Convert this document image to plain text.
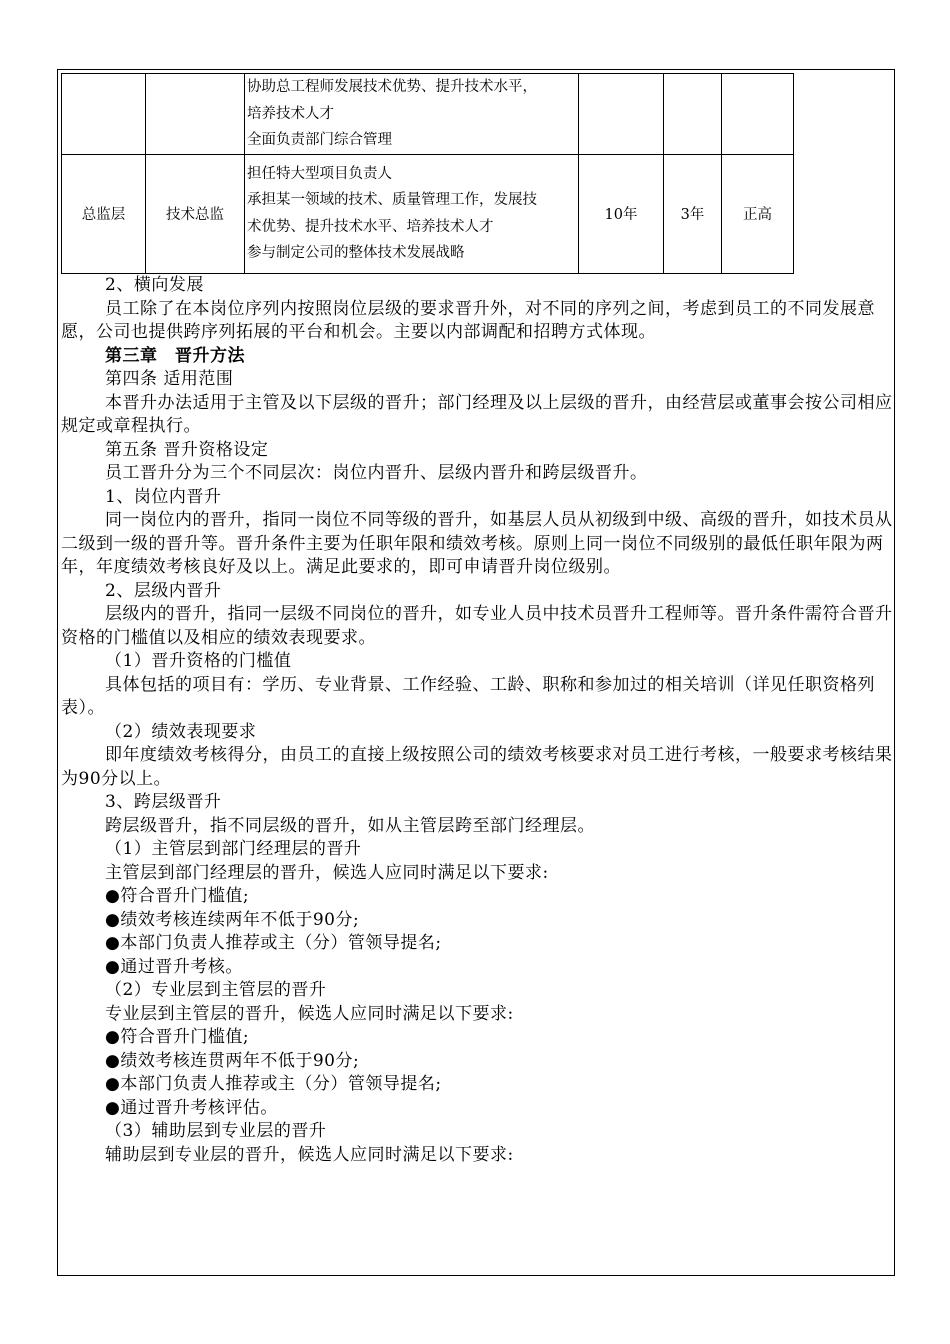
		协助总工程师发展技术优势、提升技术水平，
培养技术人才
全面负责部门综合管理			

总监层	技术总监	担任特大型项目负责人
承担某一领域的技术、质量管理工作，发展技
术优势、提升技术水平、培养技术人才
参与制定公司的整体技术发展战略	10年	3年	正高

2、横向发展

员工除了在本岗位序列内按照岗位层级的要求晋升外，对不同的序列之间，考虑到员工的不同发展意愿，公司也提供跨序列拓展的平台和机会。主要以内部调配和招聘方式体现。

第三章　晋升方法

第四条 适用范围

本晋升办法适用于主管及以下层级的晋升；部门经理及以上层级的晋升，由经营层或董事会按公司相应规定或章程执行。

第五条 晋升资格设定

员工晋升分为三个不同层次：岗位内晋升、层级内晋升和跨层级晋升。

1、岗位内晋升

同一岗位内的晋升，指同一岗位不同等级的晋升，如基层人员从初级到中级、高级的晋升，如技术员从二级到一级的晋升等。晋升条件主要为任职年限和绩效考核。原则上同一岗位不同级别的最低任职年限为两年，年度绩效考核良好及以上。满足此要求的，即可申请晋升岗位级别。

2、层级内晋升

层级内的晋升，指同一层级不同岗位的晋升，如专业人员中技术员晋升工程师等。晋升条件需符合晋升资格的门槛值以及相应的绩效表现要求。

（1）晋升资格的门槛值

具体包括的项目有：学历、专业背景、工作经验、工龄、职称和参加过的相关培训（详见任职资格列表）。

（2）绩效表现要求

即年度绩效考核得分，由员工的直接上级按照公司的绩效考核要求对员工进行考核，一般要求考核结果为90分以上。

3、跨层级晋升

跨层级晋升，指不同层级的晋升，如从主管层跨至部门经理层。

（1）主管层到部门经理层的晋升

主管层到部门经理层的晋升，候选人应同时满足以下要求:

●符合晋升门槛值;

●绩效考核连续两年不低于90分;

●本部门负责人推荐或主（分）管领导提名;

●通过晋升考核。

（2）专业层到主管层的晋升

专业层到主管层的晋升，候选人应同时满足以下要求:

●符合晋升门槛值;

●绩效考核连贯两年不低于90分;

●本部门负责人推荐或主（分）管领导提名;

●通过晋升考核评估。

（3）辅助层到专业层的晋升

辅助层到专业层的晋升，候选人应同时满足以下要求:
